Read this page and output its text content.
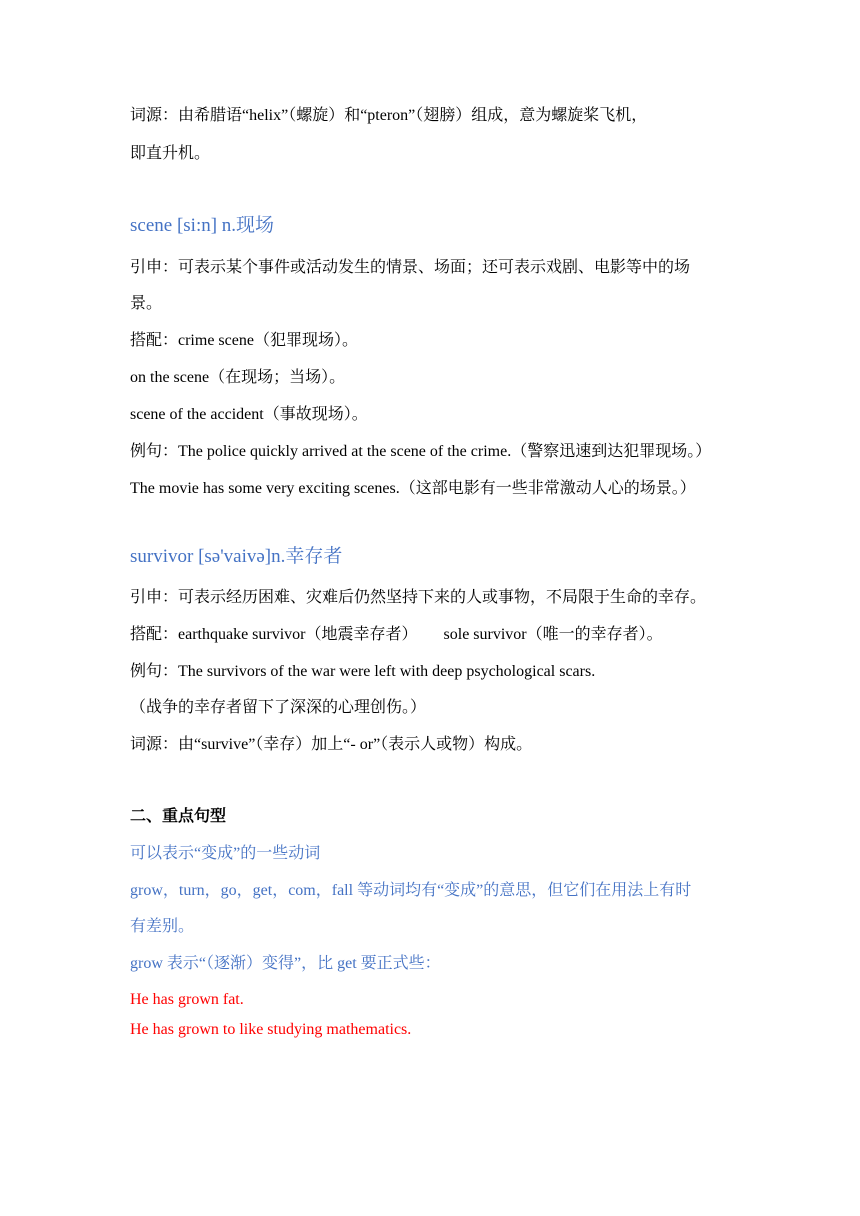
词源：由希腊语“helix”（螺旋）和“pteron”（翅膀）组成，意为螺旋桨飞机，
即直升机。
scene [si:n] n.现场
引申：可表示某个事件或活动发生的情景、场面；还可表示戏剧、电影等中的场
景。
搭配：crime scene（犯罪现场）。
on the scene（在现场；当场）。
scene of the accident（事故现场）。
例句：The police quickly arrived at the scene of the crime.（警察迅速到达犯罪现场。）
The movie has some very exciting scenes.（这部电影有一些非常激动人心的场景。）
survivor [sə'vaivə]n.幸存者
引申：可表示经历困难、灾难后仍然坚持下来的人或事物，不局限于生命的幸存。
搭配：earthquake survivor（地震幸存者） sole survivor（唯一的幸存者）。
例句：The survivors of the war were left with deep psychological scars.
（战争的幸存者留下了深深的心理创伤。）
词源：由“survive”（幸存）加上“- or”（表示人或物）构成。
二、重点句型
可以表示“变成”的一些动词
grow，turn，go，get，com，fall 等动词均有“变成”的意思，但它们在用法上有时
有差别。
grow 表示“（逐渐）变得”，比 get 要正式些：
He has grown fat.
He has grown to like studying mathematics.
